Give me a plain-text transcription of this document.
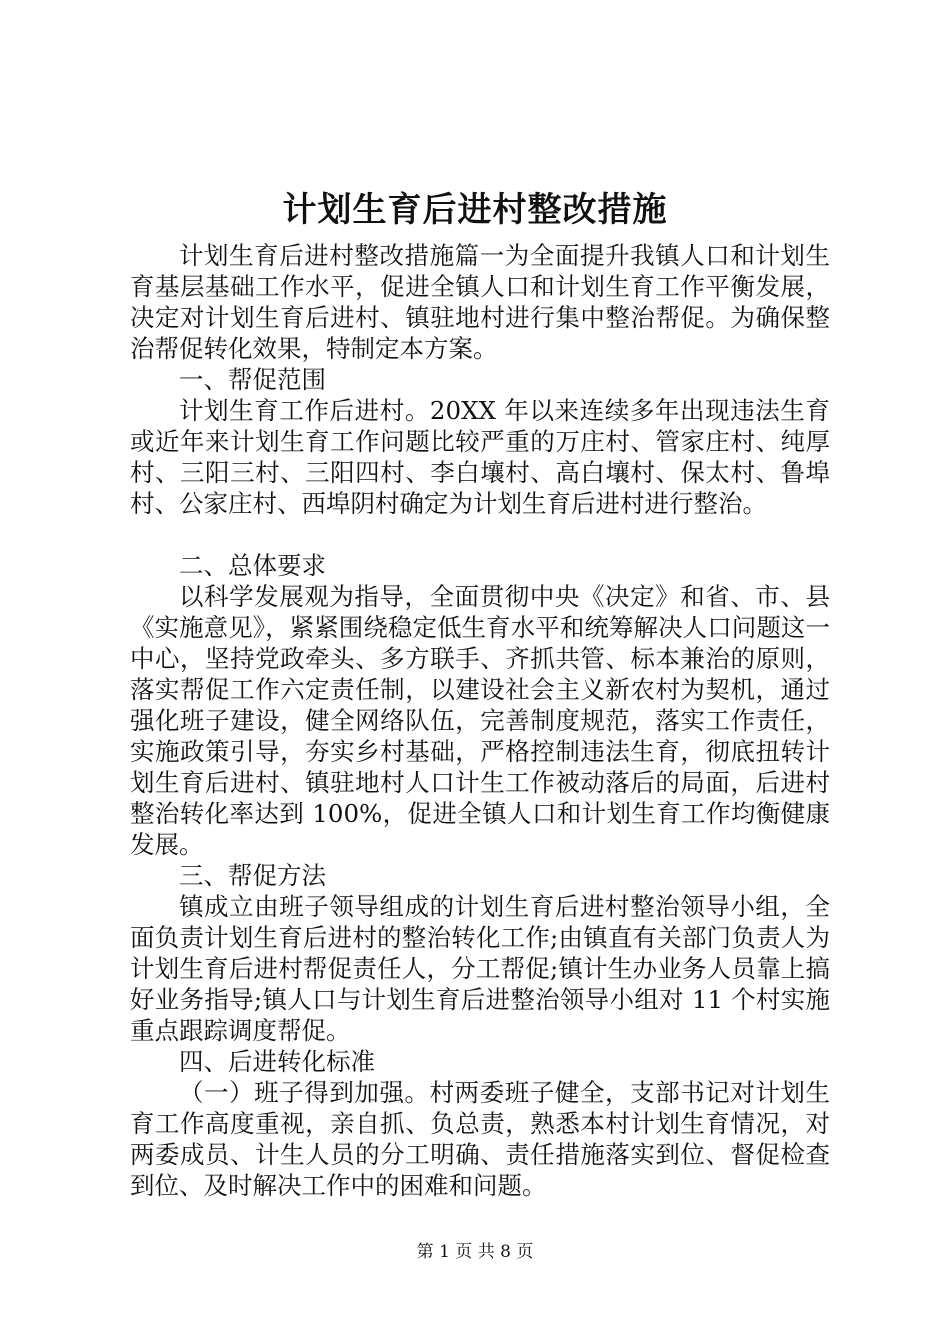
计划生育后进村整改措施

计划生育后进村整改措施篇一为全面提升我镇人口和计划生育基层基础工作水平，促进全镇人口和计划生育工作平衡发展，决定对计划生育后进村、镇驻地村进行集中整治帮促。为确保整治帮促转化效果，特制定本方案。

一、帮促范围

计划生育工作后进村。20XX 年以来连续多年出现违法生育或近年来计划生育工作问题比较严重的万庄村、管家庄村、纯厚村、三阳三村、三阳四村、李白壤村、高白壤村、保太村、鲁埠村、公家庄村、西埠阴村确定为计划生育后进村进行整治。

二、总体要求

以科学发展观为指导，全面贯彻中央《决定》和省、市、县《实施意见》，紧紧围绕稳定低生育水平和统筹解决人口问题这一中心，坚持党政牵头、多方联手、齐抓共管、标本兼治的原则，落实帮促工作六定责任制，以建设社会主义新农村为契机，通过强化班子建设，健全网络队伍，完善制度规范，落实工作责任，实施政策引导，夯实乡村基础，严格控制违法生育，彻底扭转计划生育后进村、镇驻地村人口计生工作被动落后的局面，后进村整治转化率达到 100%，促进全镇人口和计划生育工作均衡健康发展。

三、帮促方法

镇成立由班子领导组成的计划生育后进村整治领导小组，全面负责计划生育后进村的整治转化工作;由镇直有关部门负责人为计划生育后进村帮促责任人，分工帮促;镇计生办业务人员靠上搞好业务指导;镇人口与计划生育后进整治领导小组对 11 个村实施重点跟踪调度帮促。

四、后进转化标准

（一）班子得到加强。村两委班子健全，支部书记对计划生育工作高度重视，亲自抓、负总责，熟悉本村计划生育情况，对两委成员、计生人员的分工明确、责任措施落实到位、督促检查到位、及时解决工作中的困难和问题。

第 1 页 共 8 页
